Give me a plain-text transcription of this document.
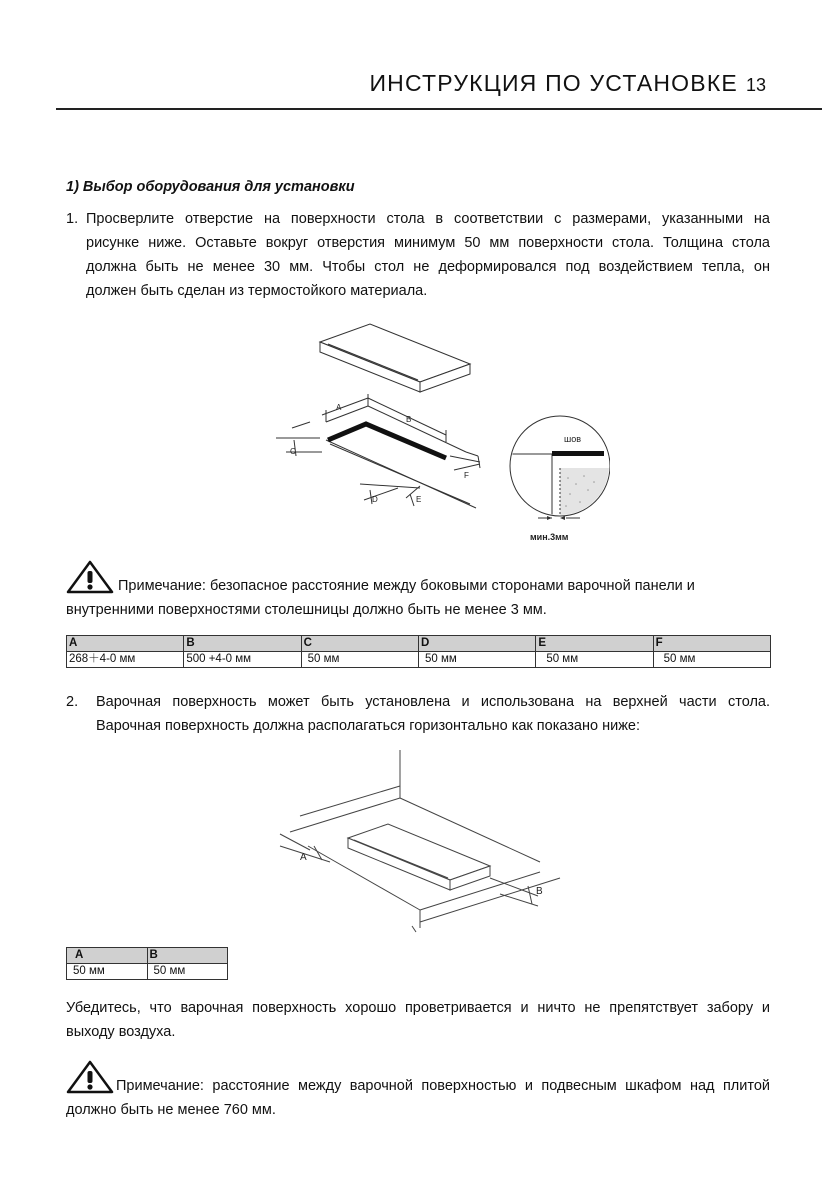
ИНСТРУКЦИЯ ПО УСТАНОВКЕ 13
1) Выбор оборудования для установки
1. Просверлите отверстие на поверхности стола в соответствии с размерами, указанными на
рисунке ниже. Оставьте вокруг отверстия минимум 50 мм поверхности стола. Толщина стола
должна быть не менее 30 мм. Чтобы стол не деформировался под воздействием тепла, он
должен быть сделан из термостойкого материала.
A
B
C
D	E
F
шов
мин.3мм
Примечание: безопасное расстояние между боковыми сторонами варочной панели и
внутренними поверхностями столешницы должно быть не менее 3 мм.
A	B	C	D	E	F
268＋4-0 мм	500 +4-0 мм	50 мм	50 мм	50 мм	50 мм
2. Варочная поверхность может быть установлена и использована на верхней части стола.
Варочная поверхность должна располагаться горизонтально как показано ниже:
A
B
A	B
50 мм	50 мм
Убедитесь, что варочная поверхность хорошо проветривается и ничто не препятствует забору и
выходу воздуха.
Примечание: расстояние между варочной поверхностью и подвесным шкафом над плитой
должно быть не менее 760 мм.
